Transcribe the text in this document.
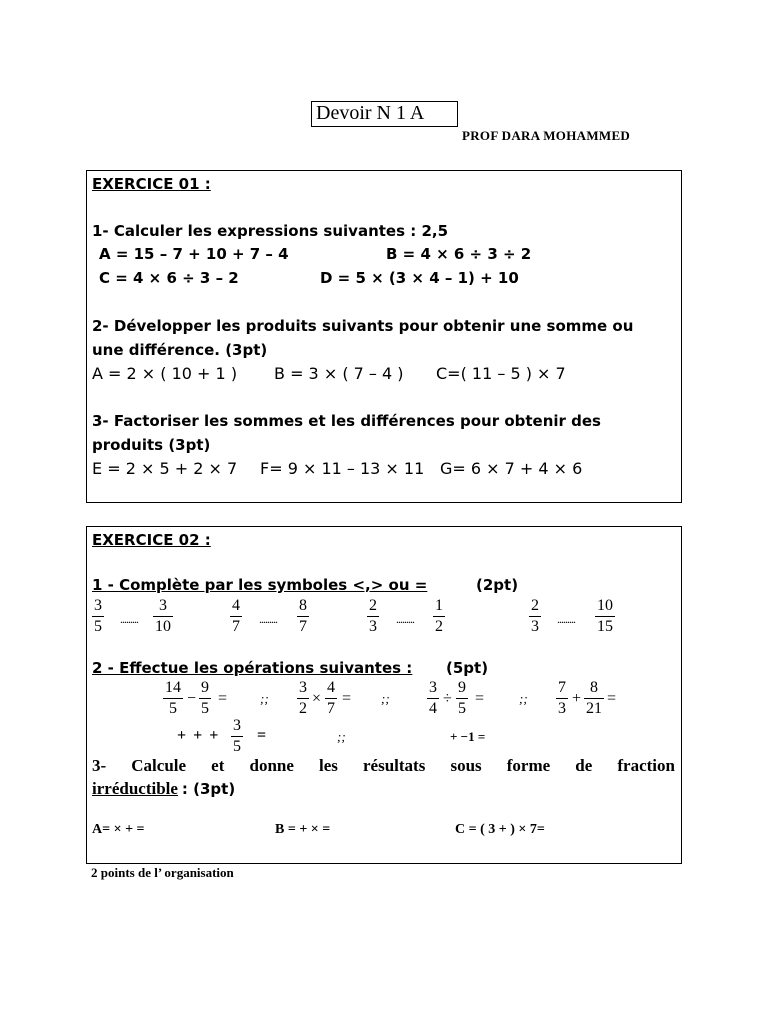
Devoir N 1 A
PROF DARA MOHAMMED
EXERCICE 01 :
1- Calculer les expressions suivantes : 2,5
A = 15 – 7 + 10 + 7 – 4	B = 4 × 6 ÷ 3 ÷ 2
C = 4 × 6 ÷ 3 – 2	D = 5 × (3 × 4 – 1) + 10
2- Développer les produits suivants pour obtenir une somme ou
une différence. (3pt)
A = 2 × ( 10 + 1 ) B = 3 × ( 7 – 4 ) C=( 11 – 5 ) × 7
3- Factoriser les sommes et les différences pour obtenir des
produits (3pt)
E = 2 × 5 + 2 × 7 F= 9 × 11 – 13 × 11 G= 6 × 7 + 4 × 6
EXERCICE 02 :
1 - Complète par les symboles <,> ou =	(2pt)
3
5 .........
3
10
4
7 .........
8
7
2
3 .........
1
2
2
3 .........
10
15
2 - Effectue les opérations suivantes : (5pt)
14
5
−
9
5
=	;;
3
2
×
4
7
= ;;
3
4
÷
9
5
=	;;
7
3
+
8
21
=
+ + +
3
5
=	;;	+ −1 =
3- Calcule et donne les résultats sous forme de fraction
irréductible : (3pt)
A= × + =	B = + × =	C = ( 3 + ) × 7=
2 points de l’ organisation
